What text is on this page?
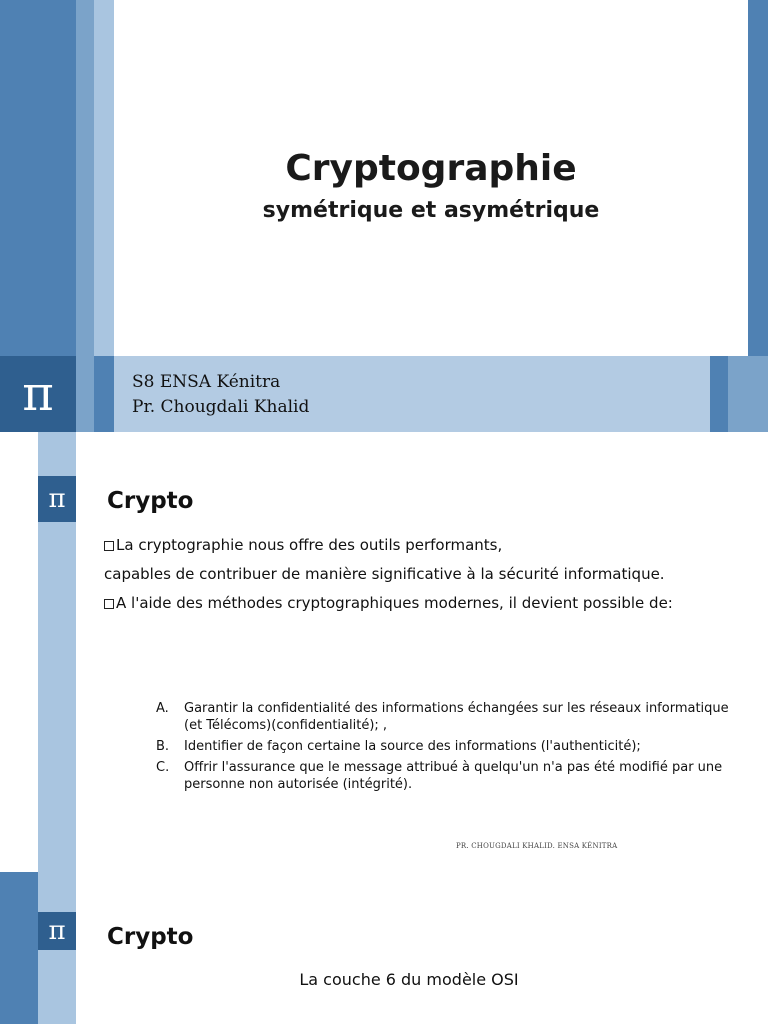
Cryptographie
symétrique et asymétrique
π	S8 ENSA Kénitra
Pr. Chougdali Khalid
π Crypto

La cryptographie nous offre des outils performants,

capables de contribuer de manière significative à la sécurité informatique.

A l'aide des méthodes cryptographiques modernes, il devient possible de:

A.	Garantir la confidentialité des informations échangées sur les réseaux informatique (et Télécoms)(confidentialité); ,
B.	Identifier de façon certaine la source des informations (l'authenticité);
C.	Offrir l'assurance que le message attribué à quelqu'un n'a pas été modifié par une personne non autorisée (intégrité).
PR. CHOUGDALI KHALID. ENSA KÉNITRA
π Crypto
La couche 6 du modèle OSI
